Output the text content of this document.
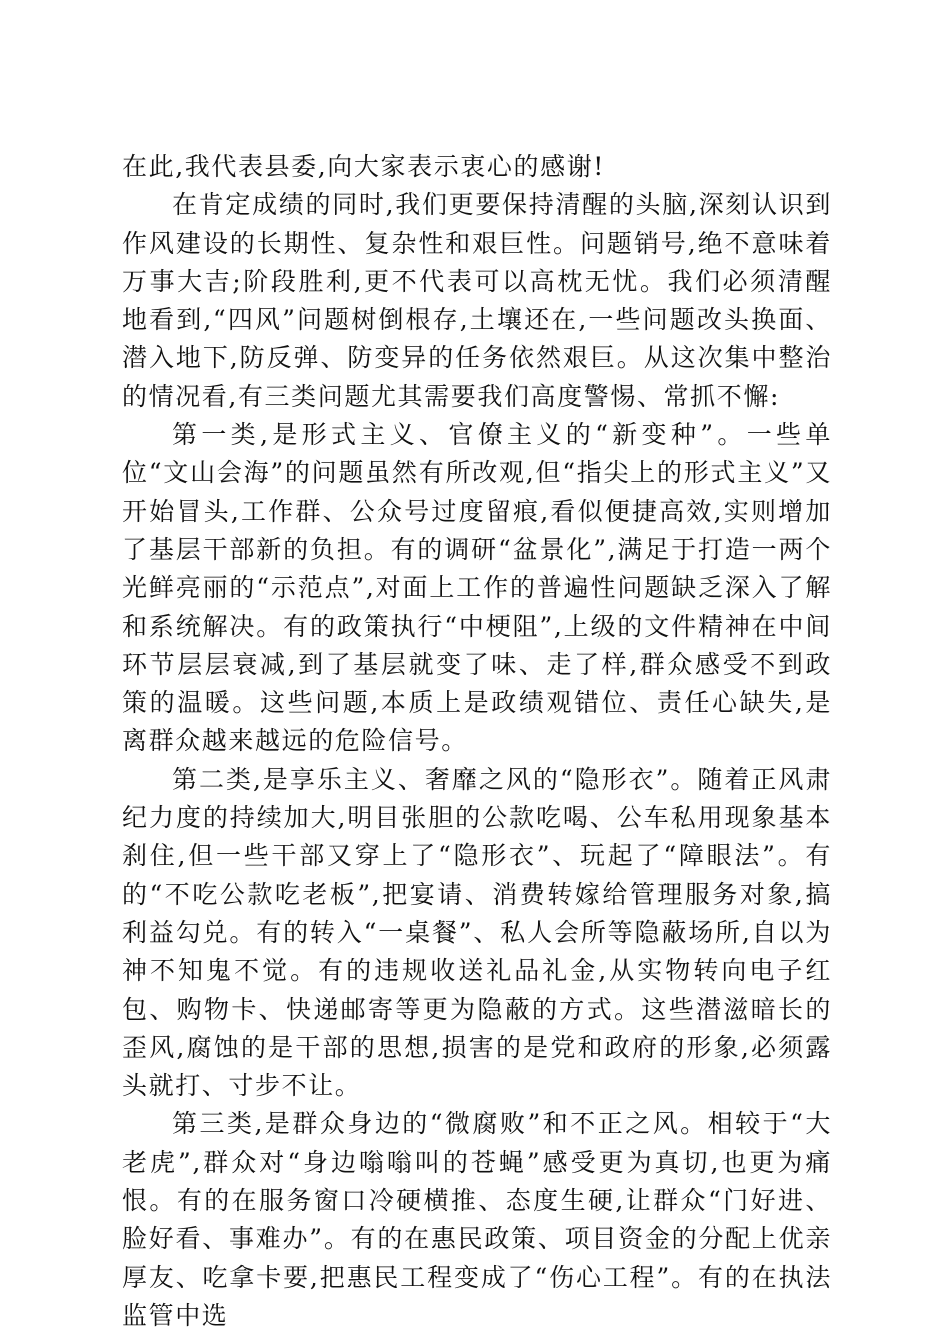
在此,我代表县委,向大家表示衷心的感谢!

在肯定成绩的同时,我们更要保持清醒的头脑,深刻认识到作风建设的长期性、复杂性和艰巨性。问题销号,绝不意味着万事大吉;阶段胜利,更不代表可以高枕无忧。我们必须清醒地看到,“四风”问题树倒根存,土壤还在,一些问题改头换面、潜入地下,防反弹、防变异的任务依然艰巨。从这次集中整治的情况看,有三类问题尤其需要我们高度警惕、常抓不懈:

第一类,是形式主义、官僚主义的“新变种”。一些单位“文山会海”的问题虽然有所改观,但“指尖上的形式主义”又开始冒头,工作群、公众号过度留痕,看似便捷高效,实则增加了基层干部新的负担。有的调研“盆景化”,满足于打造一两个光鲜亮丽的“示范点”,对面上工作的普遍性问题缺乏深入了解和系统解决。有的政策执行“中梗阻”,上级的文件精神在中间环节层层衰减,到了基层就变了味、走了样,群众感受不到政策的温暖。这些问题,本质上是政绩观错位、责任心缺失,是离群众越来越远的危险信号。

第二类,是享乐主义、奢靡之风的“隐形衣”。随着正风肃纪力度的持续加大,明目张胆的公款吃喝、公车私用现象基本刹住,但一些干部又穿上了“隐形衣”、玩起了“障眼法”。有的“不吃公款吃老板”,把宴请、消费转嫁给管理服务对象,搞利益勾兑。有的转入“一桌餐”、私人会所等隐蔽场所,自以为神不知鬼不觉。有的违规收送礼品礼金,从实物转向电子红包、购物卡、快递邮寄等更为隐蔽的方式。这些潜滋暗长的歪风,腐蚀的是干部的思想,损害的是党和政府的形象,必须露头就打、寸步不让。

第三类,是群众身边的“微腐败”和不正之风。相较于“大老虎”,群众对“身边嗡嗡叫的苍蝇”感受更为真切,也更为痛恨。有的在服务窗口冷硬横推、态度生硬,让群众“门好进、脸好看、事难办”。有的在惠民政策、项目资金的分配上优亲厚友、吃拿卡要,把惠民工程变成了“伤心工程”。有的在执法监管中选
